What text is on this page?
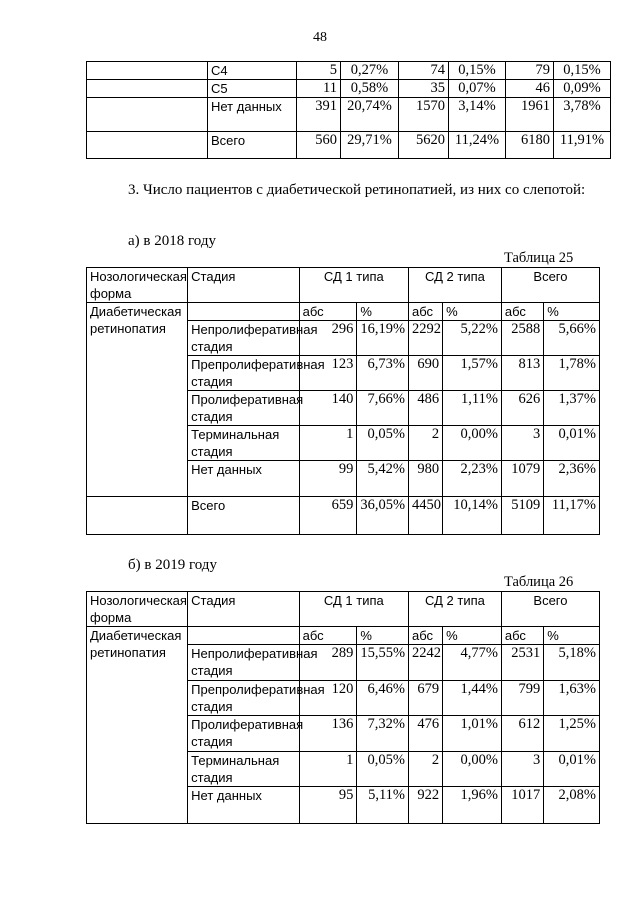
48
	С4	5	0,27%	74	0,15%	79	0,15%
	С5	11	0,58%	35	0,07%	46	0,09%
	Нет данных	391	20,74%	1570	3,14%	1961	3,78%
	Всего	560	29,71%	5620	11,24%	6180	11,91%
3. Число пациентов с диабетической ретинопатией, из них со слепотой:
а) в 2018 году
Таблица 25
Нозологическая форма	Стадия	СД 1 типа		СД 2 типа		Всего	
Диабетическая ретинопатия		абс	%	абс	%	абс	%
	Непролиферативная стадия	296	16,19%	2292	5,22%	2588	5,66%
	Препролиферативная стадия	123	6,73%	690	1,57%	813	1,78%
	Пролиферативная стадия	140	7,66%	486	1,11%	626	1,37%
	Терминальная стадия	1	0,05%	2	0,00%	3	0,01%
	Нет данных	99	5,42%	980	2,23%	1079	2,36%
	Всего	659	36,05%	4450	10,14%	5109	11,17%
б) в 2019 году
Таблица 26
Нозологическая форма	Стадия	СД 1 типа		СД 2 типа		Всего	
Диабетическая ретинопатия		абс	%	абс	%	абс	%
	Непролиферативная стадия	289	15,55%	2242	4,77%	2531	5,18%
	Препролиферативная стадия	120	6,46%	679	1,44%	799	1,63%
	Пролиферативная стадия	136	7,32%	476	1,01%	612	1,25%
	Терминальная стадия	1	0,05%	2	0,00%	3	0,01%
	Нет данных	95	5,11%	922	1,96%	1017	2,08%
